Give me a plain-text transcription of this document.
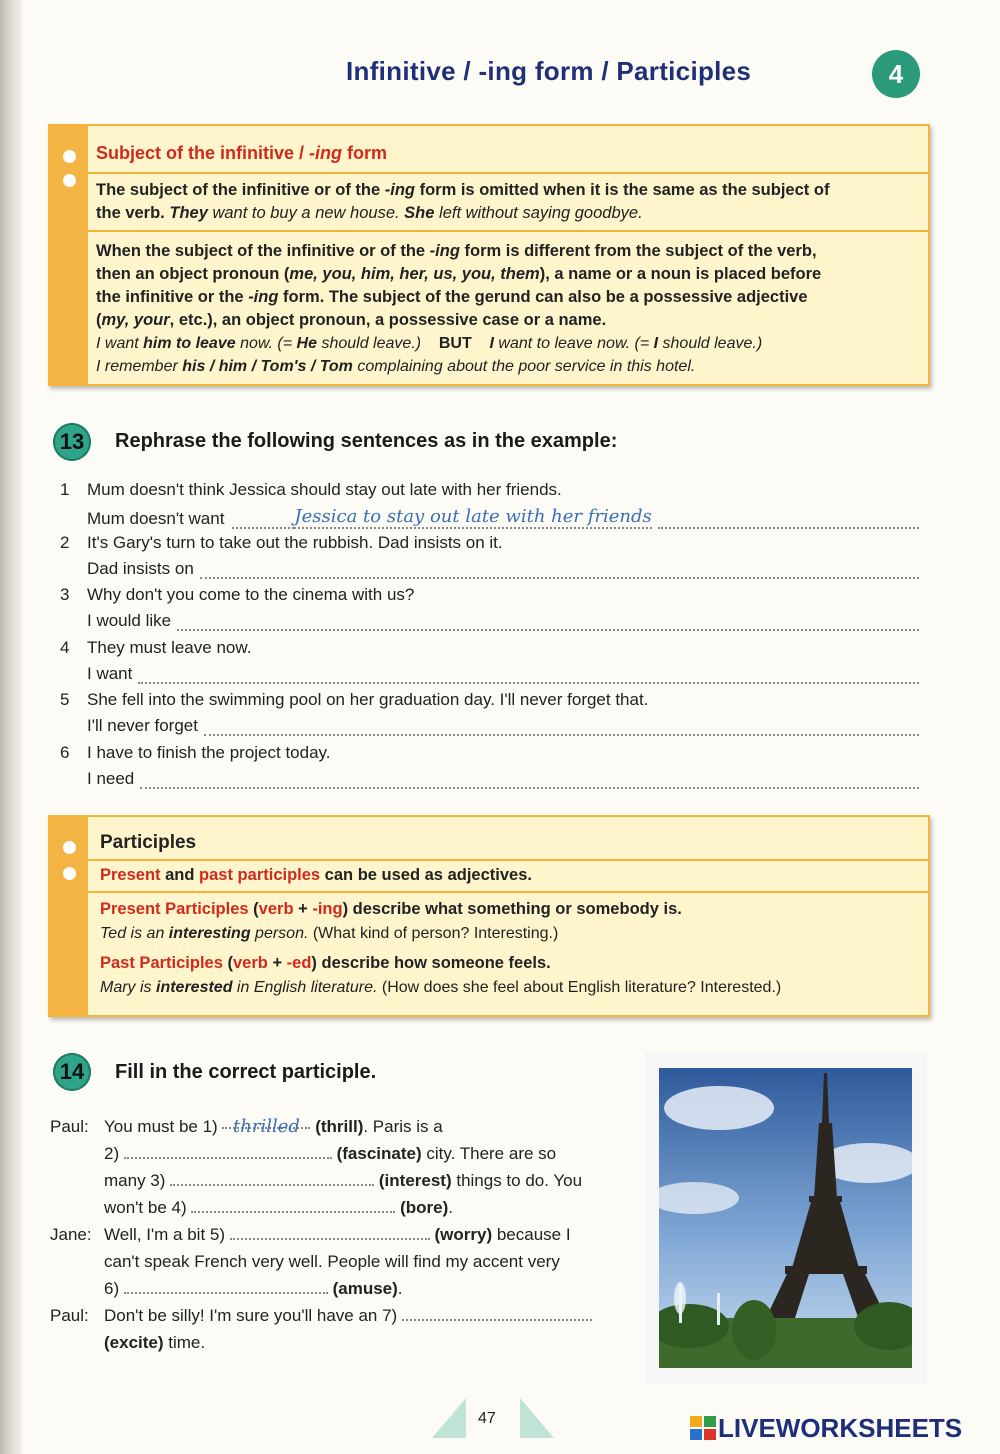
Infinitive / -ing form / Participles	4
Subject of the infinitive / -ing form
The subject of the infinitive or of the -ing form is omitted when it is the same as the subject of
the verb. They want to buy a new house. She left without saying goodbye.
When the subject of the infinitive or of the -ing form is different from the subject of the verb,
then an object pronoun (me, you, him, her, us, you, them), a name or a noun is placed before
the infinitive or the -ing form. The subject of the gerund can also be a possessive adjective
(my, your, etc.), an object pronoun, a possessive case or a name.
I want him to leave now. (= He should leave.) BUT I want to leave now. (= I should leave.)
I remember his / him / Tom's / Tom complaining about the poor service in this hotel.
13	Rephrase the following sentences as in the example:
1 Mum doesn't think Jessica should stay out late with her friends.
Mum doesn't want	Jessica to stay out late with her friends
2 It's Gary's turn to take out the rubbish. Dad insists on it.
Dad insists on
3 Why don't you come to the cinema with us?
I would like
4 They must leave now.
I want
5 She fell into the swimming pool on her graduation day. I'll never forget that.
I'll never forget
6 I have to finish the project today.
I need
Participles
Present and past participles can be used as adjectives.
Present Participles (verb + -ing) describe what something or somebody is.
Ted is an interesting person. (What kind of person? Interesting.)
Past Participles (verb + -ed) describe how someone feels.
Mary is interested in English literature. (How does she feel about English literature? Interested.)
14	Fill in the correct participle.
Paul: You must be 1) thrilled (thrill). Paris is a
2)	(fascinate) city. There are so
many 3)	(interest) things to do. You
won't be 4)	(bore).
Jane: Well, I'm a bit 5)	(worry) because I
can't speak French very well. People will find my accent very
6)	(amuse).
Paul: Don't be silly! I'm sure you'll have an 7)
(excite) time.
47	LIVEWORKSHEETS
